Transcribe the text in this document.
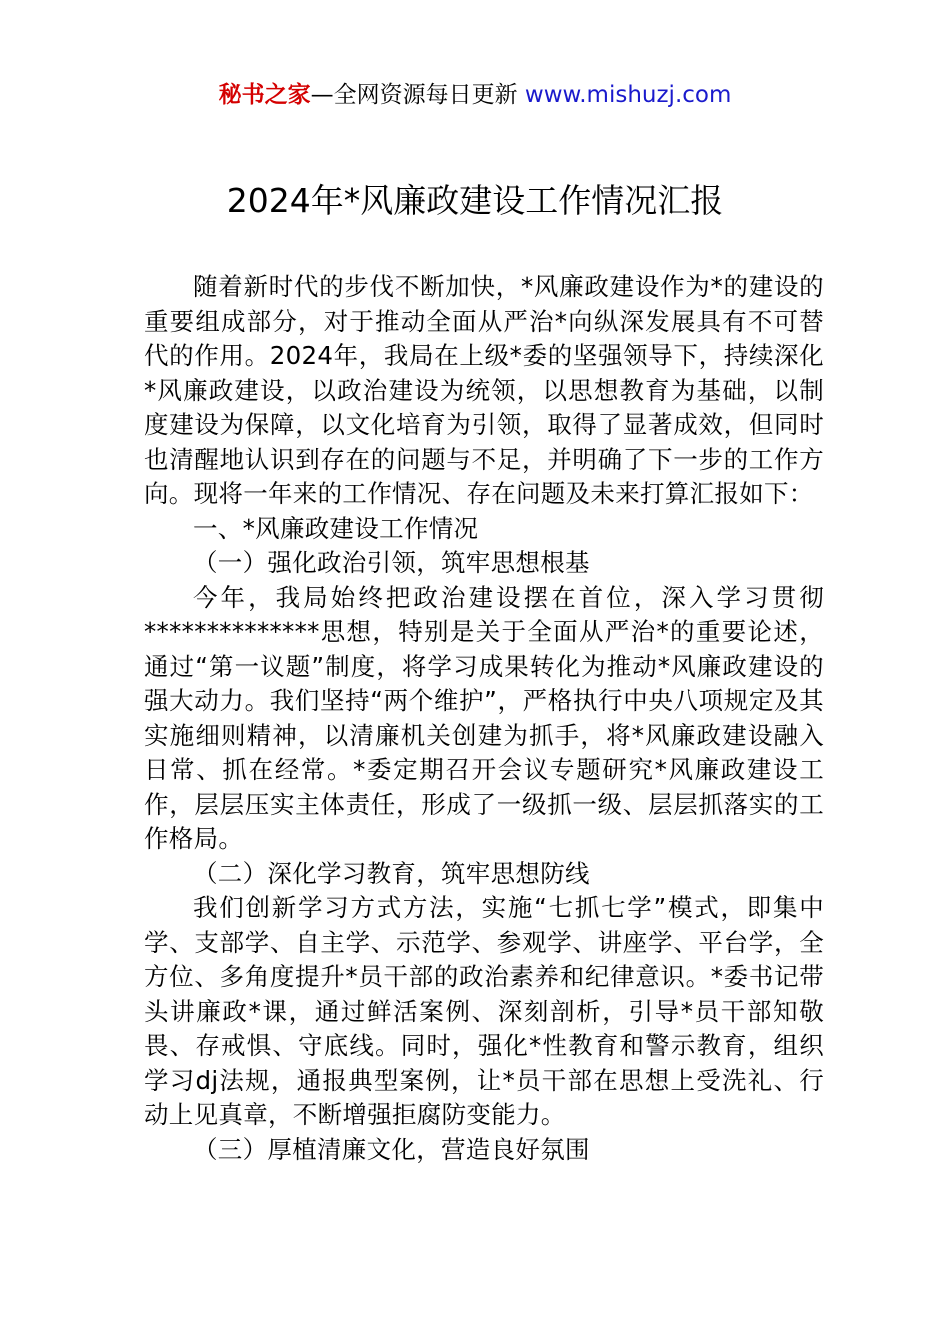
秘书之家—全网资源每日更新 www.mishuzj.com
2024年*风廉政建设工作情况汇报

随着新时代的步伐不断加快，*风廉政建设作为*的建设的重要组成部分，对于推动全面从严治*向纵深发展具有不可替代的作用。2024年，我局在上级*委的坚强领导下，持续深化*风廉政建设，以政治建设为统领，以思想教育为基础，以制度建设为保障，以文化培育为引领，取得了显著成效，但同时也清醒地认识到存在的问题与不足，并明确了下一步的工作方向。现将一年来的工作情况、存在问题及未来打算汇报如下：

一、*风廉政建设工作情况

（一）强化政治引领，筑牢思想根基

今年，我局始终把政治建设摆在首位，深入学习贯彻**************思想，特别是关于全面从严治*的重要论述，通过“第一议题”制度，将学习成果转化为推动*风廉政建设的强大动力。我们坚持“两个维护”，严格执行中央八项规定及其实施细则精神，以清廉机关创建为抓手，将*风廉政建设融入日常、抓在经常。*委定期召开会议专题研究*风廉政建设工作，层层压实主体责任，形成了一级抓一级、层层抓落实的工作格局。

（二）深化学习教育，筑牢思想防线

我们创新学习方式方法，实施“七抓七学”模式，即集中学、支部学、自主学、示范学、参观学、讲座学、平台学，全方位、多角度提升*员干部的政治素养和纪律意识。*委书记带头讲廉政*课，通过鲜活案例、深刻剖析，引导*员干部知敬畏、存戒惧、守底线。同时，强化*性教育和警示教育，组织学习dj法规，通报典型案例，让*员干部在思想上受洗礼、行动上见真章，不断增强拒腐防变能力。

（三）厚植清廉文化，营造良好氛围
